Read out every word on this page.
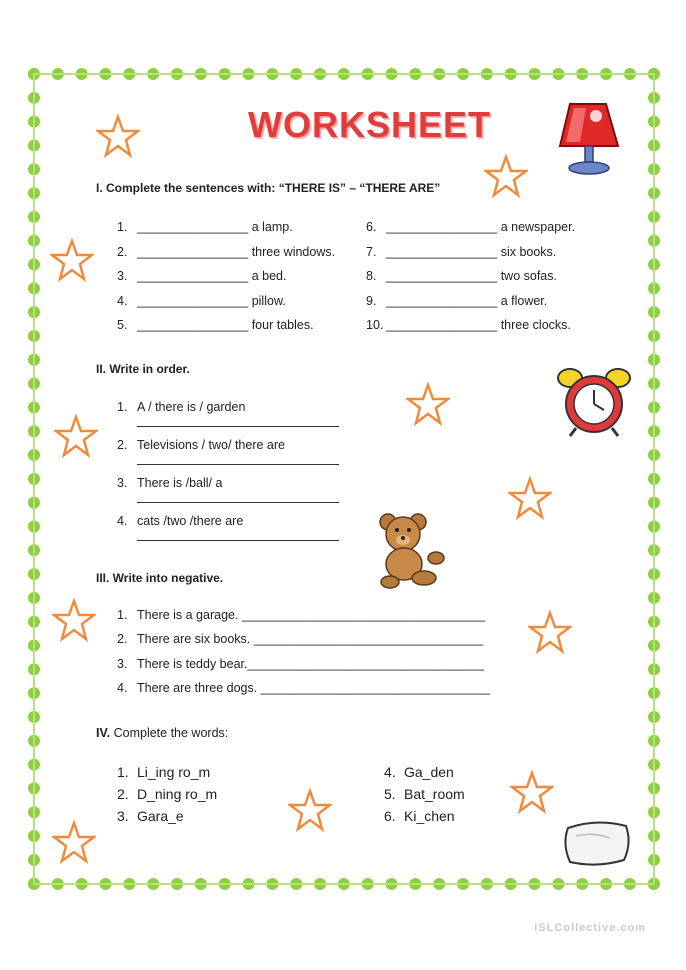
WORKSHEET
I. Complete the sentences with: “THERE IS” – “THERE ARE”
1. ________________ a lamp.
2. ________________ three windows.
3. ________________ a bed.
4. ________________ pillow.
5. ________________ four tables.
6. ________________ a newspaper.
7. ________________ six books.
8. ________________ two sofas.
9. ________________ a flower.
10. ________________ three clocks.
II. Write in order.
1. A / there is / garden
2. Televisions / two/ there are
3. There is /ball/ a
4. cats /two /there are
III. Write into negative.
1. There is a garage. ___________________________________
2. There are six books. _________________________________
3. There is teddy bear.__________________________________
4. There are three dogs. _________________________________
IV. Complete the words:
1. Li_ing ro_m
2. D_ning ro_m
3. Gara_e
4. Ga_den
5. Bat_room
6. Ki_chen
iSLCollective.com
